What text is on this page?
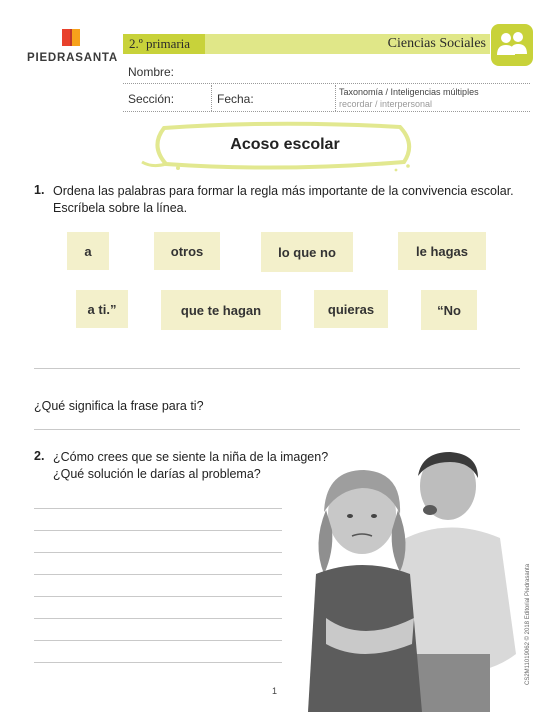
PIEDRASANTA
2.º primaria	Ciencias Sociales
Nombre:
Sección:	Fecha:	Taxonomía / Inteligencias múltiples
recordar / interpersonal
Acoso escolar
1. Ordena las palabras para formar la regla más importante de la convivencia escolar.
Escríbela sobre la línea.
a	otros	lo que no	le hagas
a ti.”	que te hagan	quieras	“No
¿Qué significa la frase para ti?
2. ¿Cómo crees que se siente la niña de la imagen?
¿Qué solución le darías al problema?
CS2M11019062 © 2018 Editorial Piedrasanta
1
